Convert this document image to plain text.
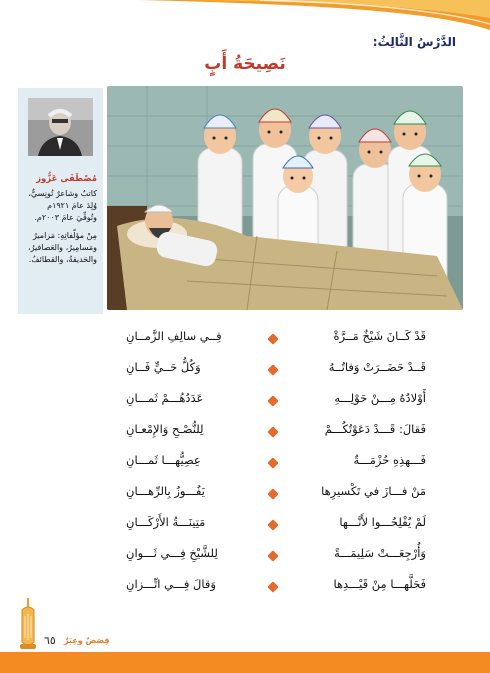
الدَّرْسُ الثَّالِثُ:
نَصِيحَةُ أَبٍ
مُصْطَفَى عَزُّوز
كاتبٌ وشاعرٌ تُونِسيٌّ،
وُلِدَ عامَ ١٩٢١م
وتُوفِّيَ عامَ ٢٠٠٣م.
مِنْ مؤلّفاتِهِ: مَزاميرُ
ومَسامِيرُ، والعَصافيرُ،
والحَديقةُ، والقطائفُ.
قَدْ كَــانَ شَيْخٌ مَــرَّةْ
فِــي سالِفِ الزَّمــانِ
قَــدْ حَضَــرَتْ وَفاتُــهُ
وَكُلُّ حَــيٍّ فَــانِ
أَوْلادُهُ مِـــنْ حَوْلِـــهِ
عَدَدُهُـــمْ ثَمـــانِ
فَقالَ: قَـــدْ دَعَوْتُكُـــمْ
لِلنُّصْـحِ وَالإِمْعـانِ
فَـــهذِهِ حُزْمَـــةٌ
عِصِيُّهـــا ثَمـــانِ
مَنْ فـــازَ في تَكْسيرِها
يَفُـــوزُ بِالرِّهـــانِ
لَمْ يُفْلِحُـــوا لأَنَّـــها
مَتِينَـــةُ الأَرْكَـــانِ
وَأُرْجِعَـــتْ سَلِيمَـــةً
لِلشَّيْخِ فِـــي ثَـــوانِ
فَحَلَّهـــا مِنْ قَيْـــدِها
وَقالَ فِـــي اتِّـــزانِ
٦٥ قِصَصٌ وعِبَرٌ
